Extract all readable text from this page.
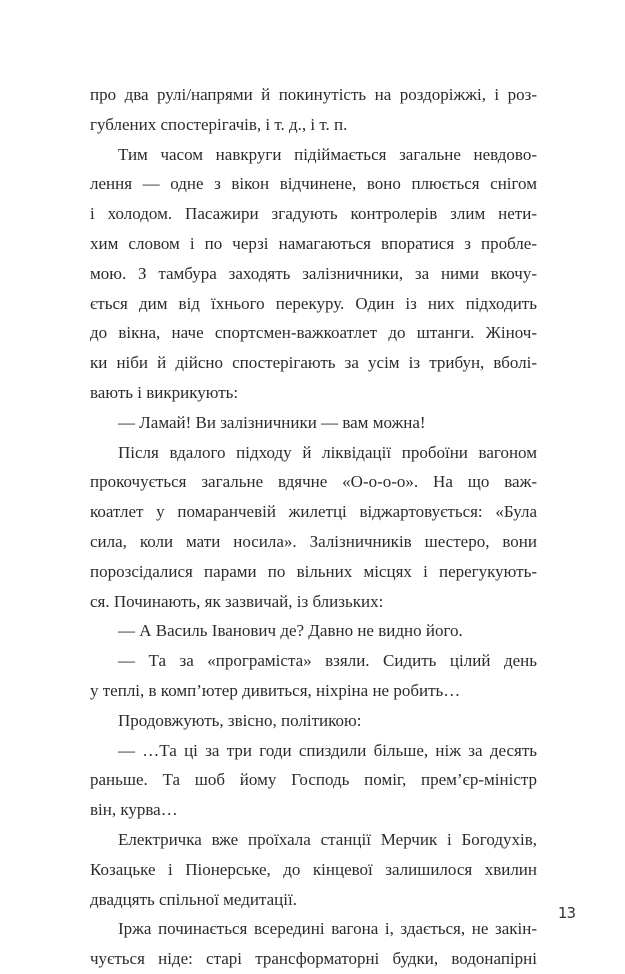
про два рулі/напрями й покинутість на роздоріжжі, і роз-
гублених спостерігачів, і т. д., і т. п.
Тим часом навкруги підіймається загальне невдово-
лення — одне з вікон відчинене, воно плюється снігом
і холодом. Пасажири згадують контролерів злим нети-
хим словом і по черзі намагаються впоратися з пробле-
мою. З тамбура заходять залізничники, за ними вкочу-
ється дим від їхнього перекуру. Один із них підходить
до вікна, наче спортсмен-важкоатлет до штанги. Жіноч-
ки ніби й дійсно спостерігають за усім із трибун, вболі-
вають і викрикують:
— Ламай! Ви залізничники — вам можна!
Після вдалого підходу й ліквідації пробоїни вагоном
прокочується загальне вдячне «О-о-о-о». На що важ-
коатлет у помаранчевій жилетці віджартовується: «Була
сила, коли мати носила». Залізничників шестеро, вони
порозсідалися парами по вільних місцях і перегукують-
ся. Починають, як зазвичай, із близьких:
— А Василь Іванович де? Давно не видно його.
— Та за «програміста» взяли. Сидить цілий день
у теплі, в комп’ютер дивиться, ніхріна не робить…
Продовжують, звісно, політикою:
— …Та ці за три годи спиздили більше, ніж за десять
раньше. Та шоб йому Господь поміг, прем’єр-міністр
він, курва…
Електричка вже проїхала станції Мерчик і Богодухів,
Козацьке і Піонерське, до кінцевої залишилося хвилин
двадцять спільної медитації.
Іржа починається всередині вагона і, здається, не закін-
чується ніде: старі трансформаторні будки, водонапірні
13
